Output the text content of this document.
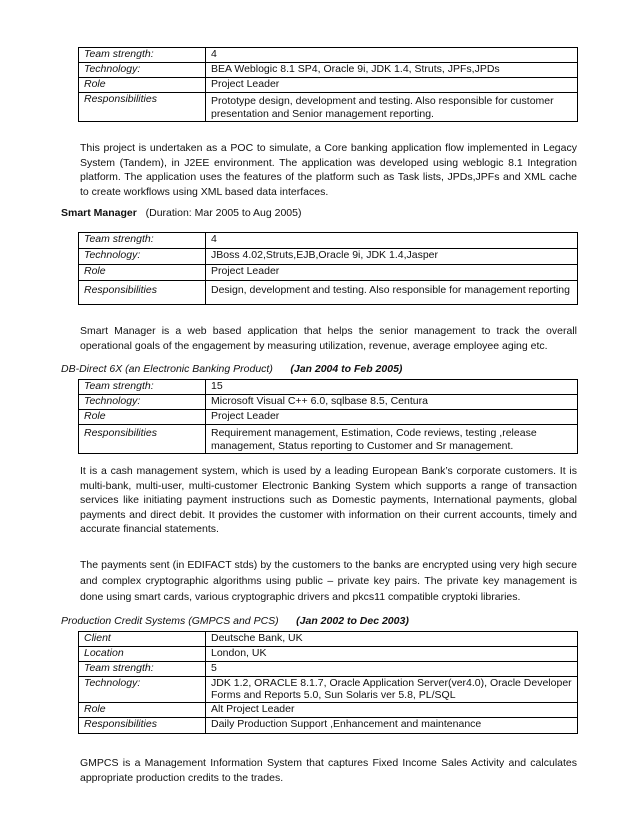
Team strength:	4
Technology:	BEA Weblogic 8.1 SP4, Oracle 9i, JDK 1.4, Struts, JPFs,JPDs
Role	Project Leader
Responsibilities	Prototype design, development and testing. Also responsible for customer presentation and Senior management reporting.

This project is undertaken as a POC to simulate, a Core banking application flow implemented in Legacy System (Tandem), in J2EE environment. The application was developed using weblogic 8.1 Integration platform. The application uses the features of the platform such as Task lists, JPDs,JPFs and XML cache to create workflows using XML based data interfaces.

Smart Manager (Duration: Mar 2005 to Aug 2005)
Team strength:	4
Technology:	JBoss 4.02,Struts,EJB,Oracle 9i, JDK 1.4,Jasper
Role	Project Leader
Responsibilities	Design, development and testing. Also responsible for management reporting

Smart Manager is a web based application that helps the senior management to track the overall operational goals of the engagement by measuring utilization, revenue, average employee aging etc.

DB-Direct 6X (an Electronic Banking Product) (Jan 2004 to Feb 2005)
Team strength:	15
Technology:	Microsoft Visual C++ 6.0, sqlbase 8.5, Centura
Role	Project Leader
Responsibilities	Requirement management, Estimation, Code reviews, testing ,release management, Status reporting to Customer and Sr management.

It is a cash management system, which is used by a leading European Bank’s corporate customers. It is multi-bank, multi-user, multi-customer Electronic Banking System which supports a range of transaction services like initiating payment instructions such as Domestic payments, International payments, global payments and direct debit. It provides the customer with information on their current accounts, timely and accurate financial statements.

The payments sent (in EDIFACT stds) by the customers to the banks are encrypted using very high secure and complex cryptographic algorithms using public – private key pairs. The private key management is done using smart cards, various cryptographic drivers and pkcs11 compatible cryptoki libraries.

Production Credit Systems (GMPCS and PCS) (Jan 2002 to Dec 2003)
Client	Deutsche Bank, UK
Location	London, UK
Team strength:	5
Technology:	JDK 1.2, ORACLE 8.1.7, Oracle Application Server(ver4.0), Oracle Developer Forms and Reports 5.0, Sun Solaris ver 5.8, PL/SQL
Role	Alt Project Leader
Responsibilities	Daily Production Support ,Enhancement and maintenance

GMPCS is a Management Information System that captures Fixed Income Sales Activity and calculates appropriate production credits to the trades.
